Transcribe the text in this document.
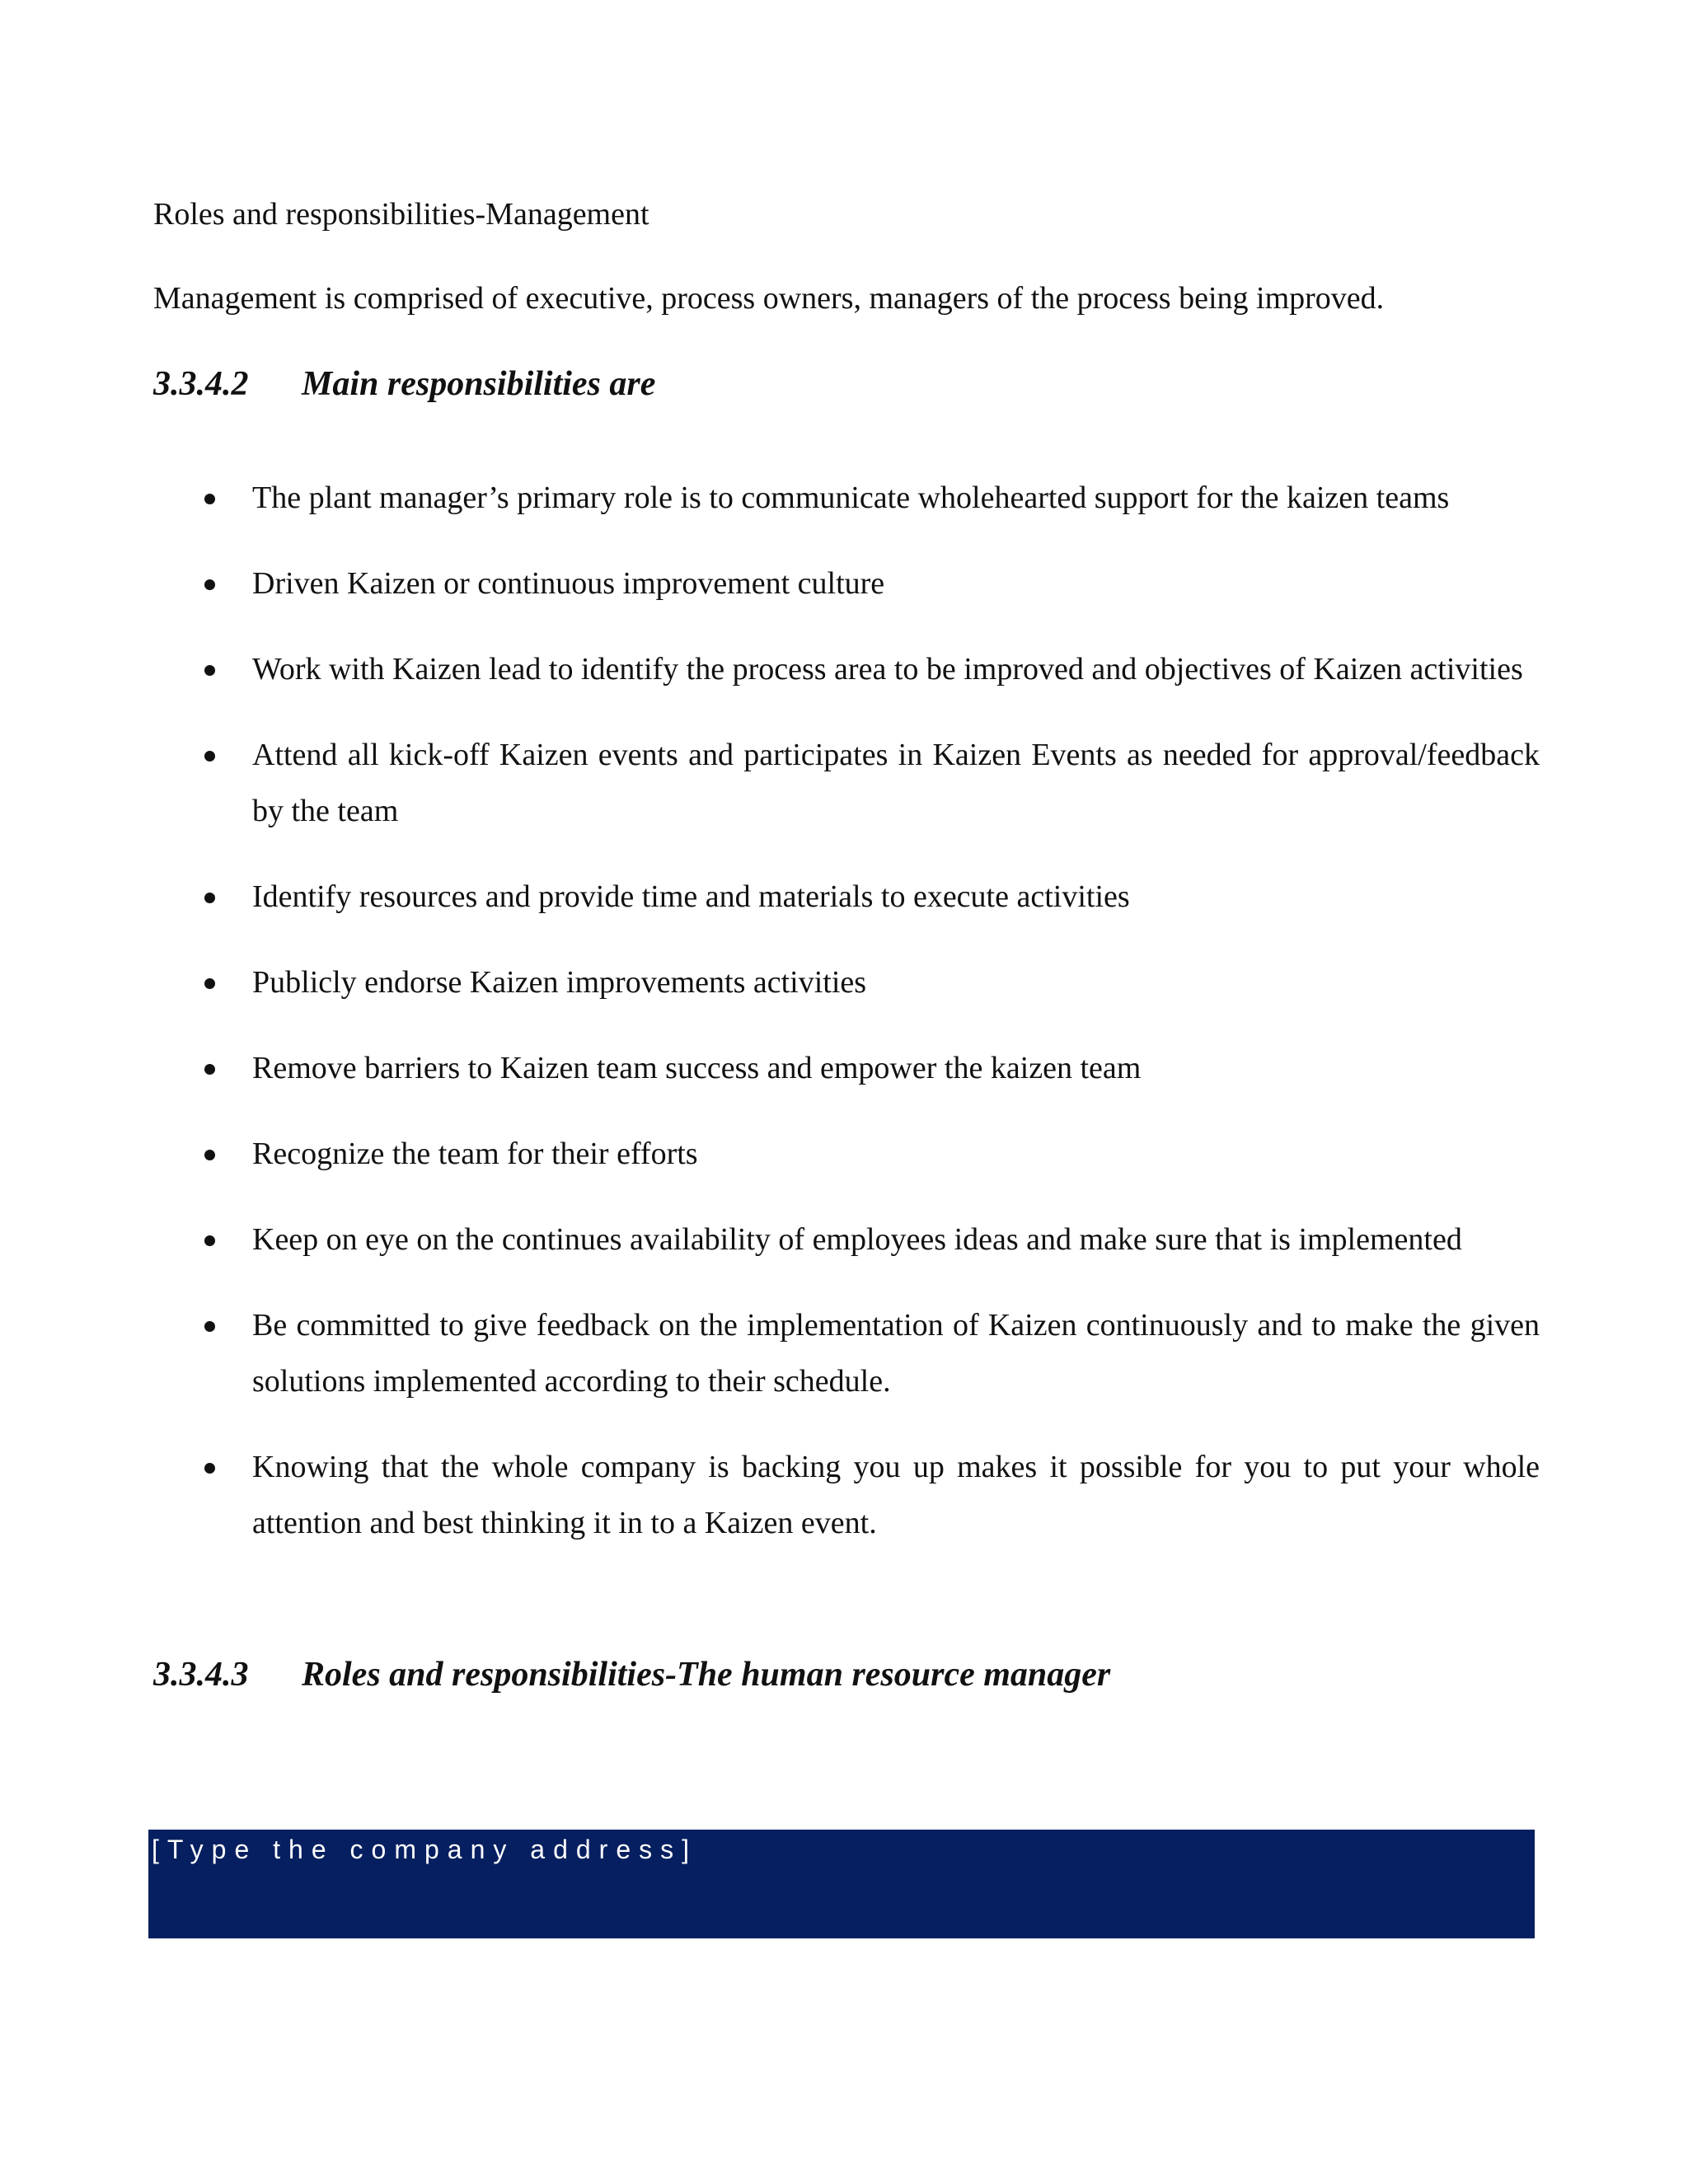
Roles and responsibilities-Management
Management is comprised of executive, process owners, managers of the process being improved.
3.3.4.2 Main responsibilities are
The plant manager’s primary role is to communicate wholehearted support for the kaizen teams
Driven Kaizen or continuous improvement culture
Work with Kaizen lead to identify the process area to be improved and objectives of Kaizen activities
Attend all kick-off Kaizen events and participates in Kaizen Events as needed for approval/feedback by the team
Identify resources and provide time and materials to execute activities
Publicly endorse Kaizen improvements activities
Remove barriers to Kaizen team success and empower the kaizen team
Recognize the team for their efforts
Keep on eye on the continues availability of employees ideas and make sure that is implemented
Be committed to give feedback on the implementation of Kaizen continuously and to make the given solutions implemented according to their schedule.
Knowing that the whole company is backing you up makes it possible for you to put your whole attention and best thinking it in to a Kaizen event.
3.3.4.3 Roles and responsibilities-The human resource manager
[Type the company address]
